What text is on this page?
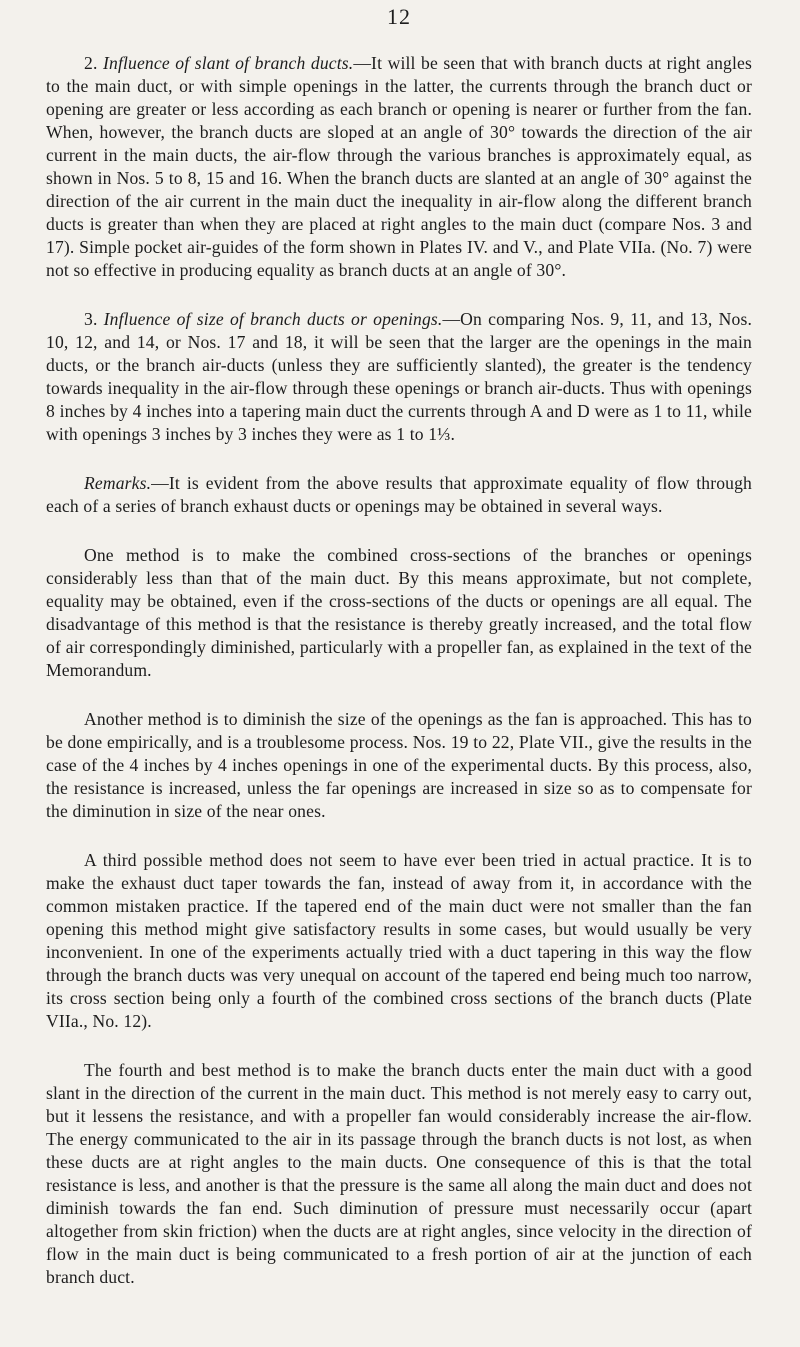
12

2. Influence of slant of branch ducts.—It will be seen that with branch ducts at right angles to the main duct, or with simple openings in the latter, the currents through the branch duct or opening are greater or less according as each branch or opening is nearer or further from the fan. When, however, the branch ducts are sloped at an angle of 30° towards the direction of the air current in the main ducts, the air-flow through the various branches is approximately equal, as shown in Nos. 5 to 8, 15 and 16. When the branch ducts are slanted at an angle of 30° against the direction of the air current in the main duct the inequality in air-flow along the different branch ducts is greater than when they are placed at right angles to the main duct (compare Nos. 3 and 17). Simple pocket air-guides of the form shown in Plates IV. and V., and Plate VIIa. (No. 7) were not so effective in producing equality as branch ducts at an angle of 30°.

3. Influence of size of branch ducts or openings.—On comparing Nos. 9, 11, and 13, Nos. 10, 12, and 14, or Nos. 17 and 18, it will be seen that the larger are the openings in the main ducts, or the branch air-ducts (unless they are sufficiently slanted), the greater is the tendency towards inequality in the air-flow through these openings or branch air-ducts. Thus with openings 8 inches by 4 inches into a tapering main duct the currents through A and D were as 1 to 11, while with openings 3 inches by 3 inches they were as 1 to 1⅓.

Remarks.—It is evident from the above results that approximate equality of flow through each of a series of branch exhaust ducts or openings may be obtained in several ways.

One method is to make the combined cross-sections of the branches or openings considerably less than that of the main duct. By this means approximate, but not complete, equality may be obtained, even if the cross-sections of the ducts or openings are all equal. The disadvantage of this method is that the resistance is thereby greatly increased, and the total flow of air correspondingly diminished, particularly with a propeller fan, as explained in the text of the Memorandum.

Another method is to diminish the size of the openings as the fan is approached. This has to be done empirically, and is a troublesome process. Nos. 19 to 22, Plate VII., give the results in the case of the 4 inches by 4 inches openings in one of the experimental ducts. By this process, also, the resistance is increased, unless the far openings are increased in size so as to compensate for the diminution in size of the near ones.

A third possible method does not seem to have ever been tried in actual practice. It is to make the exhaust duct taper towards the fan, instead of away from it, in accordance with the common mistaken practice. If the tapered end of the main duct were not smaller than the fan opening this method might give satisfactory results in some cases, but would usually be very inconvenient. In one of the experiments actually tried with a duct tapering in this way the flow through the branch ducts was very unequal on account of the tapered end being much too narrow, its cross section being only a fourth of the combined cross sections of the branch ducts (Plate VIIa., No. 12).

The fourth and best method is to make the branch ducts enter the main duct with a good slant in the direction of the current in the main duct. This method is not merely easy to carry out, but it lessens the resistance, and with a propeller fan would considerably increase the air-flow. The energy communicated to the air in its passage through the branch ducts is not lost, as when these ducts are at right angles to the main ducts. One consequence of this is that the total resistance is less, and another is that the pressure is the same all along the main duct and does not diminish towards the fan end. Such diminution of pressure must necessarily occur (apart altogether from skin friction) when the ducts are at right angles, since velocity in the direction of flow in the main duct is being communicated to a fresh portion of air at the junction of each branch duct.
